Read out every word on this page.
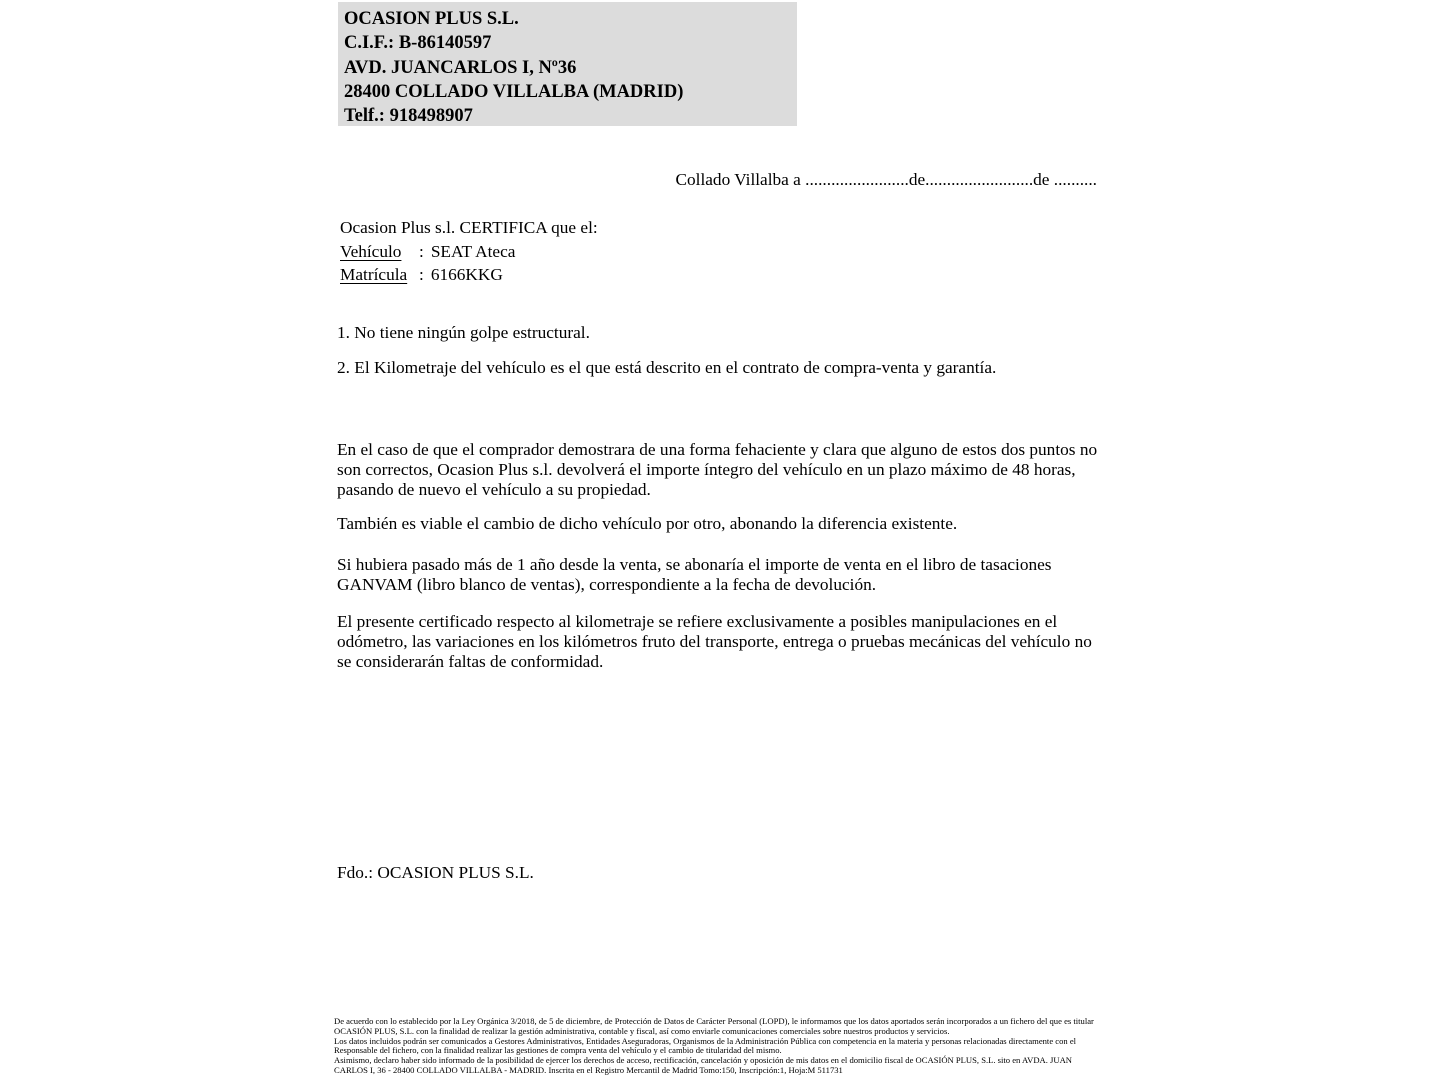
OCASION PLUS S.L.
C.I.F.: B-86140597
AVD. JUANCARLOS I, Nº36
28400 COLLADO VILLALBA (MADRID)
Telf.: 918498907
Collado Villalba a ........................de.........................de ..........
Ocasion Plus s.l. CERTIFICA que el:
Vehículo : SEAT Ateca
Matrícula : 6166KKG
1. No tiene ningún golpe estructural.
2. El Kilometraje del vehículo es el que está descrito en el contrato de compra-venta y garantía.
En el caso de que el comprador demostrara de una forma fehaciente y clara que alguno de estos dos puntos no son correctos, Ocasion Plus s.l. devolverá el importe íntegro del vehículo en un plazo máximo de 48 horas, pasando de nuevo el vehículo a su propiedad.
También es viable el cambio de dicho vehículo por otro, abonando la diferencia existente.
Si hubiera pasado más de 1 año desde la venta, se abonaría el importe de venta en el libro de tasaciones GANVAM (libro blanco de ventas), correspondiente a la fecha de devolución.
El presente certificado respecto al kilometraje se refiere exclusivamente a posibles manipulaciones en el odómetro, las variaciones en los kilómetros fruto del transporte, entrega o pruebas mecánicas del vehículo no se considerarán faltas de conformidad.
Fdo.: OCASION PLUS S.L.
De acuerdo con lo establecido por la Ley Orgánica 3/2018, de 5 de diciembre, de Protección de Datos de Carácter Personal (LOPD), le informamos que los datos aportados serán incorporados a un fichero del que es titular
OCASIÓN PLUS, S.L. con la finalidad de realizar la gestión administrativa, contable y fiscal, así como enviarle comunicaciones comerciales sobre nuestros productos y servicios.
Los datos incluidos podrán ser comunicados a Gestores Administrativos, Entidades Aseguradoras, Organismos de la Administración Pública con competencia en la materia y personas relacionadas directamente con el
Responsable del fichero, con la finalidad realizar las gestiones de compra venta del vehículo y el cambio de titularidad del mismo.
Asimismo, declaro haber sido informado de la posibilidad de ejercer los derechos de acceso, rectificación, cancelación y oposición de mis datos en el domicilio fiscal de OCASIÓN PLUS, S.L. sito en AVDA. JUAN
CARLOS I, 36 - 28400 COLLADO VILLALBA - MADRID. Inscrita en el Registro Mercantil de Madrid Tomo:150, Inscripción:1, Hoja:M 511731
